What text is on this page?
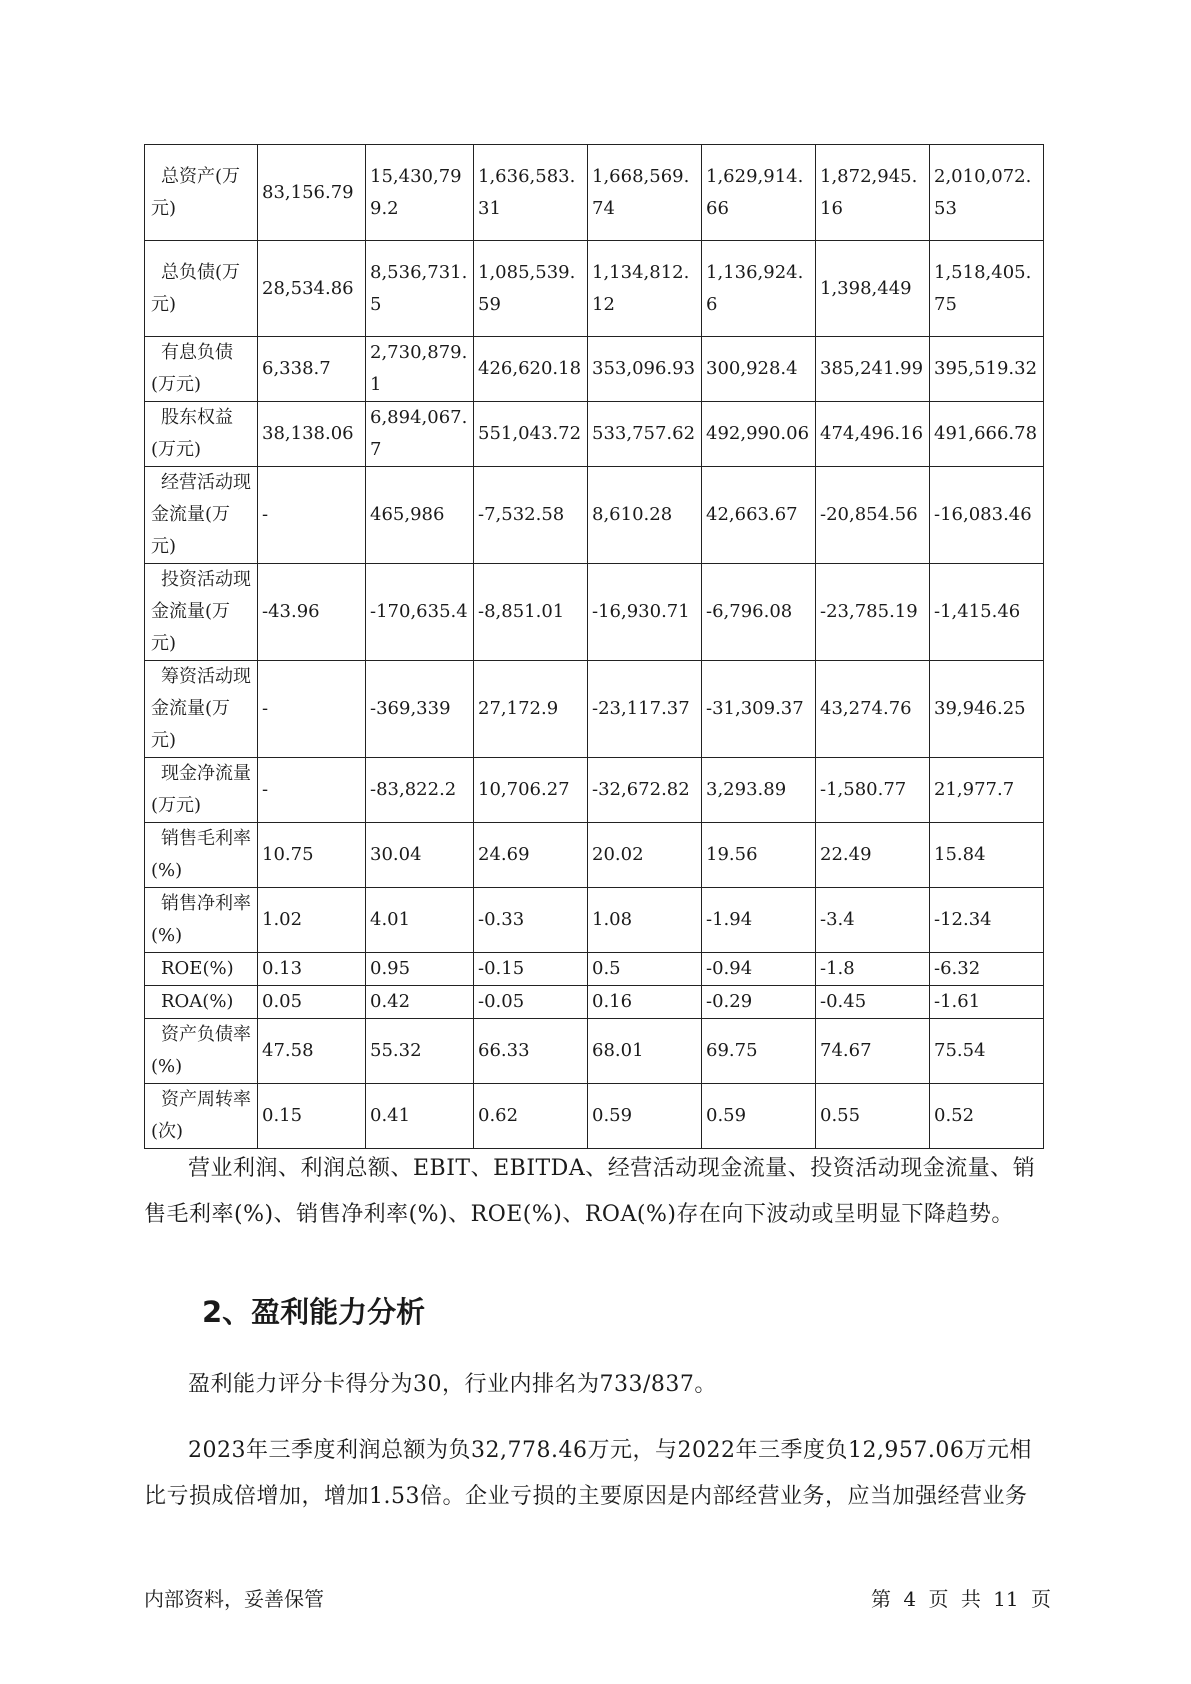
总资产(万元)	83,156.79	15,430,799.2	1,636,583.31	1,668,569.74	1,629,914.66	1,872,945.16	2,010,072.53
总负债(万元)	28,534.86	8,536,731.5	1,085,539.59	1,134,812.12	1,136,924.6	1,398,449	1,518,405.75
有息负债(万元)	6,338.7	2,730,879.1	426,620.18	353,096.93	300,928.4	385,241.99	395,519.32
股东权益(万元)	38,138.06	6,894,067.7	551,043.72	533,757.62	492,990.06	474,496.16	491,666.78
经营活动现金流量(万元)	-	465,986	-7,532.58	8,610.28	42,663.67	-20,854.56	-16,083.46
投资活动现金流量(万元)	-43.96	-170,635.4	-8,851.01	-16,930.71	-6,796.08	-23,785.19	-1,415.46
筹资活动现金流量(万元)	-	-369,339	27,172.9	-23,117.37	-31,309.37	43,274.76	39,946.25
现金净流量(万元)	-	-83,822.2	10,706.27	-32,672.82	3,293.89	-1,580.77	21,977.7
销售毛利率(%)	10.75	30.04	24.69	20.02	19.56	22.49	15.84
销售净利率(%)	1.02	4.01	-0.33	1.08	-1.94	-3.4	-12.34
ROE(%)	0.13	0.95	-0.15	0.5	-0.94	-1.8	-6.32
ROA(%)	0.05	0.42	-0.05	0.16	-0.29	-0.45	-1.61
资产负债率(%)	47.58	55.32	66.33	68.01	69.75	74.67	75.54
资产周转率(次)	0.15	0.41	0.62	0.59	0.59	0.55	0.52
营业利润、利润总额、EBIT、EBITDA、经营活动现金流量、投资活动现金流量、销售毛利率(%)、销售净利率(%)、ROE(%)、ROA(%)存在向下波动或呈明显下降趋势。
2、盈利能力分析
盈利能力评分卡得分为30，行业内排名为733/837。
2023年三季度利润总额为负32,778.46万元，与2022年三季度负12,957.06万元相比亏损成倍增加，增加1.53倍。企业亏损的主要原因是内部经营业务，应当加强经营业务
内部资料，妥善保管	第 4 页 共 11 页
